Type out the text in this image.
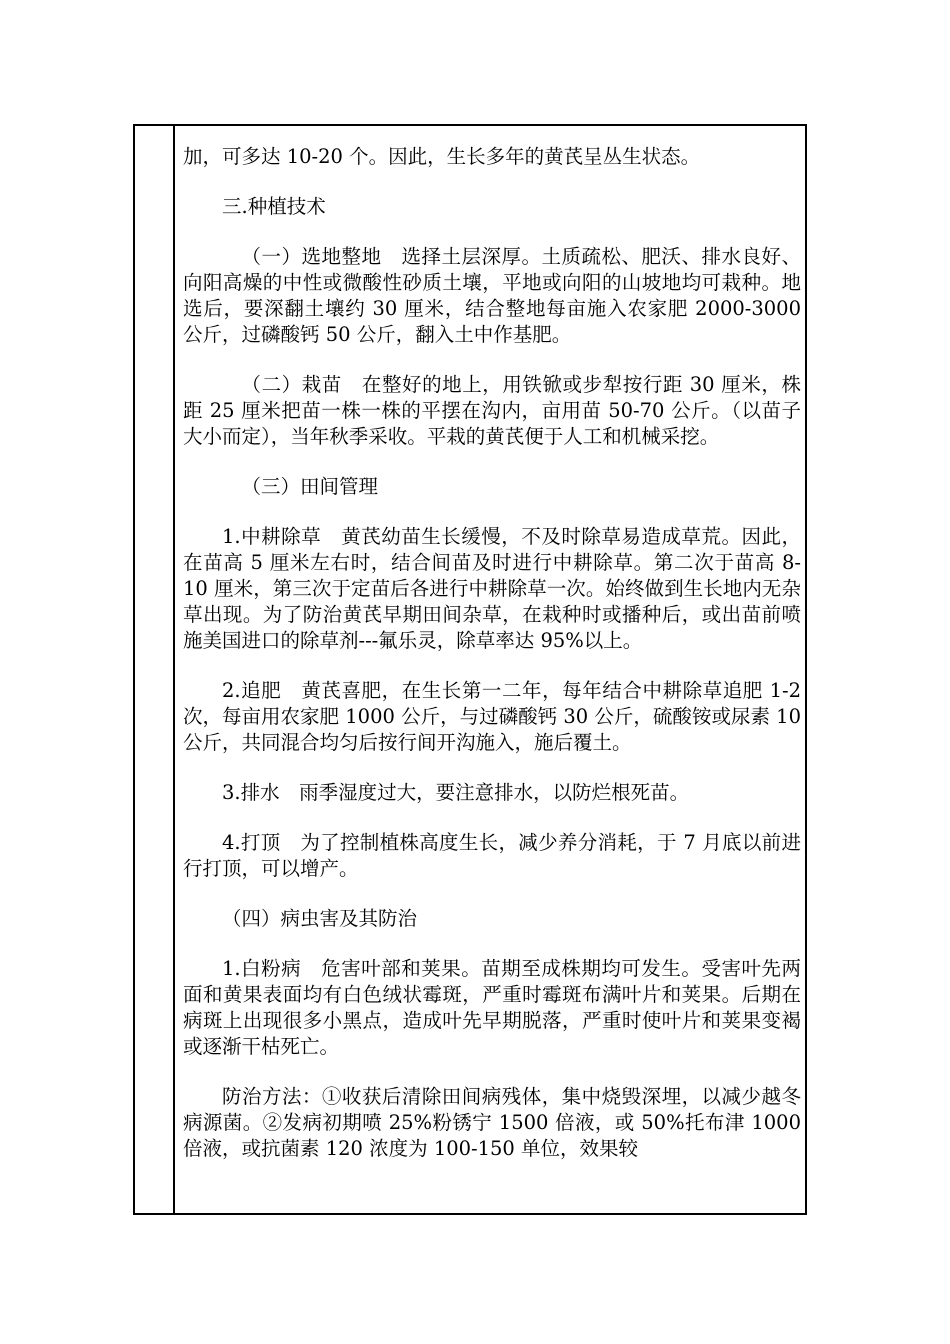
加，可多达 10-20 个。因此，生长多年的黄芪呈丛生状态。

三.种植技术

（一）选地整地　选择土层深厚。土质疏松、肥沃、排水良好、向阳高燥的中性或微酸性砂质土壤，平地或向阳的山坡地均可栽种。地选后，要深翻土壤约 30 厘米，结合整地每亩施入农家肥 2000-3000 公斤，过磷酸钙 50 公斤，翻入土中作基肥。

（二）栽苗　在整好的地上，用铁锨或步犁按行距 30 厘米，株距 25 厘米把苗一株一株的平摆在沟内，亩用苗 50-70 公斤。（以苗子大小而定），当年秋季采收。平栽的黄芪便于人工和机械采挖。

（三）田间管理

1.中耕除草　黄芪幼苗生长缓慢，不及时除草易造成草荒。因此，在苗高 5 厘米左右时，结合间苗及时进行中耕除草。第二次于苗高 8-10 厘米，第三次于定苗后各进行中耕除草一次。始终做到生长地内无杂草出现。为了防治黄芪早期田间杂草，在栽种时或播种后，或出苗前喷施美国进口的除草剂---氟乐灵，除草率达 95%以上。

2.追肥　黄芪喜肥，在生长第一二年，每年结合中耕除草追肥 1-2 次，每亩用农家肥 1000 公斤，与过磷酸钙 30 公斤，硫酸铵或尿素 10 公斤，共同混合均匀后按行间开沟施入，施后覆土。

3.排水　雨季湿度过大，要注意排水，以防烂根死苗。

4.打顶　为了控制植株高度生长，减少养分消耗，于 7 月底以前进行打顶，可以增产。

（四）病虫害及其防治

1.白粉病　危害叶部和荚果。苗期至成株期均可发生。受害叶先两面和黄果表面均有白色绒状霉斑，严重时霉斑布满叶片和荚果。后期在病斑上出现很多小黑点，造成叶先早期脱落，严重时使叶片和荚果变褐或逐渐干枯死亡。

防治方法：①收获后清除田间病残体，集中烧毁深埋，以减少越冬病源菌。②发病初期喷 25%粉锈宁 1500 倍液，或 50%托布津 1000 倍液，或抗菌素 120 浓度为 100-150 单位，效果较
